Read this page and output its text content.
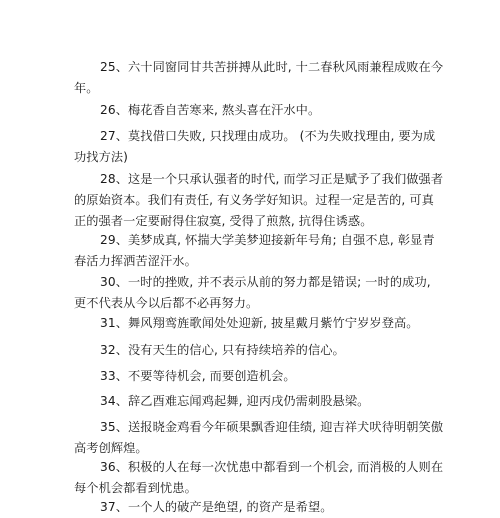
25、六十同窗同甘共苦拼搏从此时, 十二春秋风雨兼程成败在今
年。
26、梅花香自苦寒来, 熬头喜在汗水中。
27、莫找借口失败, 只找理由成功。 (不为失败找理由, 要为成
功找方法)
28、这是一个只承认强者的时代, 而学习正是赋予了我们做强者
的原始资本。我们有责任, 有义务学好知识。过程一定是苦的, 可真
正的强者一定要耐得住寂寞, 受得了煎熬, 抗得住诱惑。
29、美梦成真, 怀揣大学美梦迎接新年号角; 自强不息, 彰显青
春活力挥洒苦涩汗水。
30、一时的挫败, 并不表示从前的努力都是错误; 一时的成功,
更不代表从今以后都不必再努力。
31、舞风翔鸾旌歌闻处处迎新, 披星戴月紫竹宁岁岁登高。
32、没有天生的信心, 只有持续培养的信心。
33、不要等待机会, 而要创造机会。
34、辞乙酉难忘闻鸡起舞, 迎丙戌仍需刺股悬梁。
35、送报晓金鸡看今年硕果飘香迎佳绩, 迎吉祥犬吠待明朝笑傲
高考创辉煌。
36、积极的人在每一次忧患中都看到一个机会, 而消极的人则在
每个机会都看到忧患。
37、一个人的破产是绝望, 的资产是希望。
